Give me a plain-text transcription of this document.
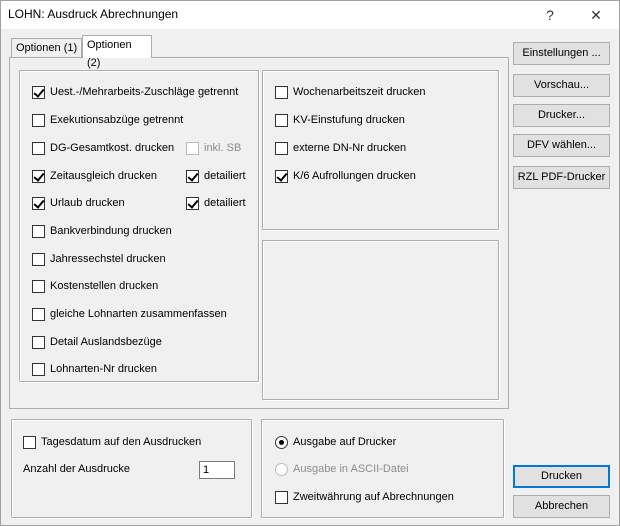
LOHN: Ausdruck Abrechnungen	?	✕
Optionen (1) Optionen (2)
Tagesdatum auf den Ausdrucken
Anzahl der Ausdrucke	1
Ausgabe auf Drucker
Ausgabe in ASCII-Datei
Zweitwährung auf Abrechnungen
Einstellungen ...
Vorschau...
Drucker...
DFV wählen...
RZL PDF-Drucker
Drucken
Abbrechen
Uest.-/Mehrarbeits-Zuschläge getrennt
Exekutionsabzüge getrennt
DG-Gesamtkost. drucken
Zeitausgleich drucken
Urlaub drucken
Bankverbindung drucken
Jahressechstel drucken
Kostenstellen drucken
gleiche Lohnarten zusammenfassen
Detail Auslandsbezüge
Lohnarten-Nr drucken
inkl. SB
detailiert
detailiert
Wochenarbeitszeit drucken
KV-Einstufung drucken
externe DN-Nr drucken
K/6 Aufrollungen drucken
